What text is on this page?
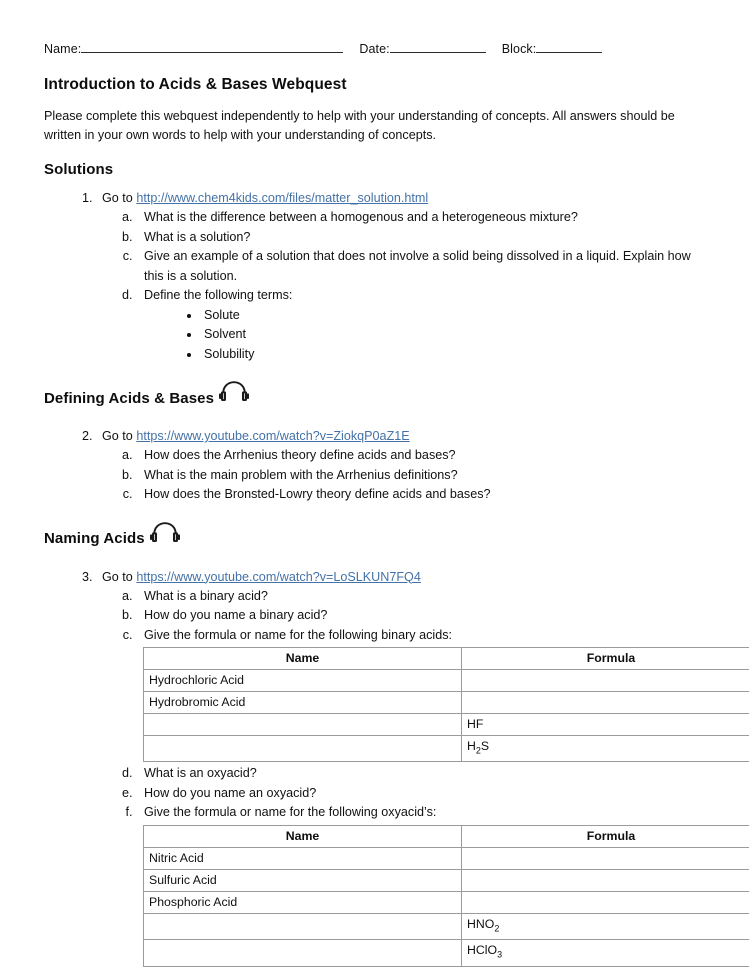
Name:	Date:	Block:
Introduction to Acids & Bases Webquest

Please complete this webquest independently to help with your understanding of concepts. All answers should be written in your own words to help with your understanding of concepts.

Solutions
1. Go to http://www.chem4kids.com/files/matter_solution.html
a. What is the difference between a homogenous and a heterogeneous mixture?
b. What is a solution?
c. Give an example of a solution that does not involve a solid being dissolved in a liquid. Explain how this is a solution.
d. Define the following terms:
• Solute
• Solvent
• Solubility
Defining Acids & Bases
2. Go to https://www.youtube.com/watch?v=ZiokqP0aZ1E
a. How does the Arrhenius theory define acids and bases?
b. What is the main problem with the Arrhenius definitions?
c. How does the Bronsted-Lowry theory define acids and bases?
Naming Acids
3. Go to https://www.youtube.com/watch?v=LoSLKUN7FQ4
a. What is a binary acid?
b. How do you name a binary acid?
c. Give the formula or name for the following binary acids:
Name	Formula
Hydrochloric Acid	
Hydrobromic Acid	
	HF
	$H_2S$
d. What is an oxyacid?
e. How do you name an oxyacid?
f. Give the formula or name for the following oxyacid’s:
Name	Formula
Nitric Acid	
Sulfuric Acid	
Phosphoric Acid	
	$HNO_2$
	HClO$_3$
